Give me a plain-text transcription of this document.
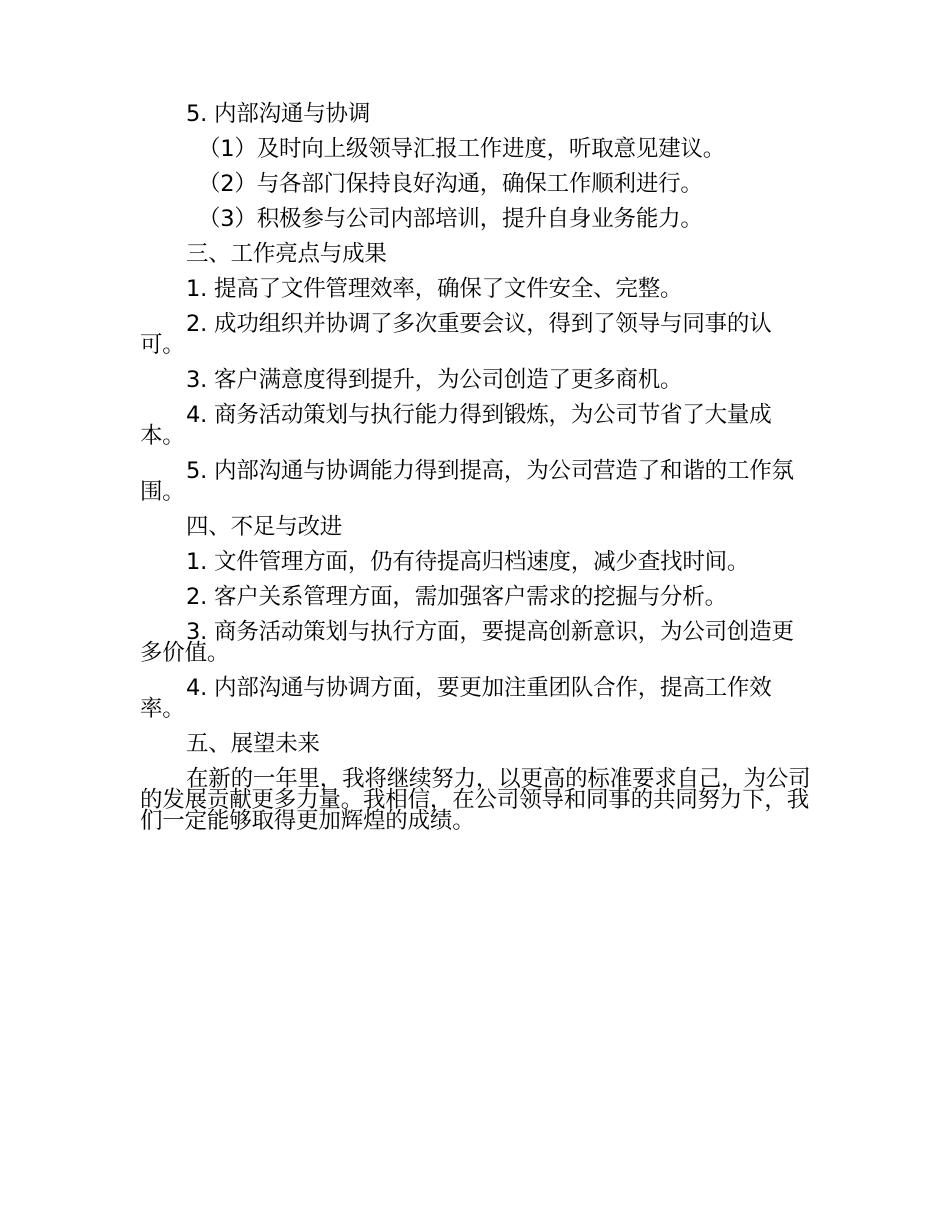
5. 内部沟通与协调

（1）及时向上级领导汇报工作进度，听取意见建议。

（2）与各部门保持良好沟通，确保工作顺利进行。

（3）积极参与公司内部培训，提升自身业务能力。

三、工作亮点与成果

1. 提高了文件管理效率，确保了文件安全、完整。

2. 成功组织并协调了多次重要会议，得到了领导与同事的认可。

3. 客户满意度得到提升，为公司创造了更多商机。

4. 商务活动策划与执行能力得到锻炼，为公司节省了大量成本。

5. 内部沟通与协调能力得到提高，为公司营造了和谐的工作氛围。

四、不足与改进

1. 文件管理方面，仍有待提高归档速度，减少查找时间。

2. 客户关系管理方面，需加强客户需求的挖掘与分析。

3. 商务活动策划与执行方面，要提高创新意识，为公司创造更多价值。

4. 内部沟通与协调方面，要更加注重团队合作，提高工作效率。

五、展望未来

在新的一年里，我将继续努力，以更高的标准要求自己，为公司的发展贡献更多力量。我相信，在公司领导和同事的共同努力下，我们一定能够取得更加辉煌的成绩。
